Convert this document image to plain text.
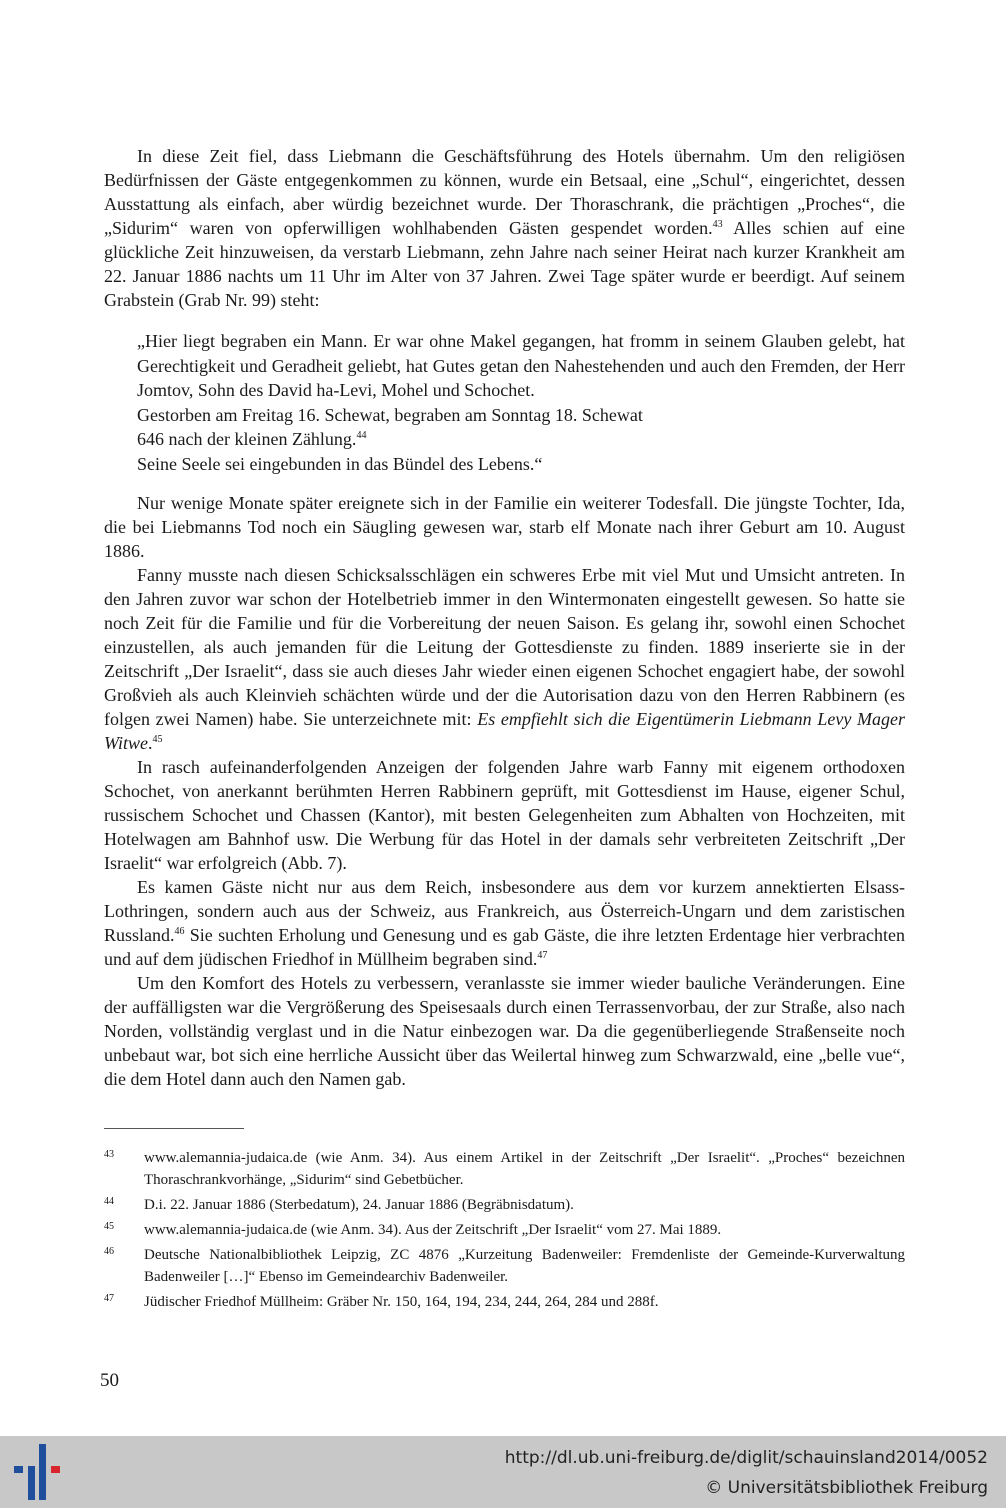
In diese Zeit fiel, dass Liebmann die Geschäftsführung des Hotels übernahm. Um den religiösen Bedürfnissen der Gäste entgegenkommen zu können, wurde ein Betsaal, eine „Schul“, eingerichtet, dessen Ausstattung als einfach, aber würdig bezeichnet wurde. Der Thoraschrank, die prächtigen „Proches“, die „Sidurim“ waren von opferwilligen wohlhabenden Gästen gespendet worden.$^{43}$ Alles schien auf eine glückliche Zeit hinzuweisen, da verstarb Liebmann, zehn Jahre nach seiner Heirat nach kurzer Krankheit am 22. Januar 1886 nachts um 11 Uhr im Alter von 37 Jahren. Zwei Tage später wurde er beerdigt. Auf seinem Grabstein (Grab Nr. 99) steht:

„Hier liegt begraben ein Mann. Er war ohne Makel gegangen, hat fromm in seinem Glauben gelebt, hat Gerechtigkeit und Geradheit geliebt, hat Gutes getan den Nahestehenden und auch den Fremden, der Herr Jomtov, Sohn des David ha-Levi, Mohel und Schochet.
Gestorben am Freitag 16. Schewat, begraben am Sonntag 18. Schewat
646 nach der kleinen Zählung.$^{44}$
Seine Seele sei eingebunden in das Bündel des Lebens.“

Nur wenige Monate später ereignete sich in der Familie ein weiterer Todesfall. Die jüngste Tochter, Ida, die bei Liebmanns Tod noch ein Säugling gewesen war, starb elf Monate nach ihrer Geburt am 10. August 1886.

Fanny musste nach diesen Schicksalsschlägen ein schweres Erbe mit viel Mut und Umsicht antreten. In den Jahren zuvor war schon der Hotelbetrieb immer in den Wintermonaten eingestellt gewesen. So hatte sie noch Zeit für die Familie und für die Vorbereitung der neuen Saison. Es gelang ihr, sowohl einen Schochet einzustellen, als auch jemanden für die Leitung der Gottesdienste zu finden. 1889 inserierte sie in der Zeitschrift „Der Israelit“, dass sie auch dieses Jahr wieder einen eigenen Schochet engagiert habe, der sowohl Großvieh als auch Kleinvieh schächten würde und der die Autorisation dazu von den Herren Rabbinern (es folgen zwei Namen) habe. Sie unterzeichnete mit: Es empfiehlt sich die Eigentümerin Liebmann Levy Mager Witwe.$^{45}$

In rasch aufeinanderfolgenden Anzeigen der folgenden Jahre warb Fanny mit eigenem orthodoxen Schochet, von anerkannt berühmten Herren Rabbinern geprüft, mit Gottesdienst im Hause, eigener Schul, russischem Schochet und Chassen (Kantor), mit besten Gelegenheiten zum Abhalten von Hochzeiten, mit Hotelwagen am Bahnhof usw. Die Werbung für das Hotel in der damals sehr verbreiteten Zeitschrift „Der Israelit“ war erfolgreich (Abb. 7).

Es kamen Gäste nicht nur aus dem Reich, insbesondere aus dem vor kurzem annektierten Elsass-Lothringen, sondern auch aus der Schweiz, aus Frankreich, aus Österreich-Ungarn und dem zaristischen Russland.$^{46}$ Sie suchten Erholung und Genesung und es gab Gäste, die ihre letzten Erdentage hier verbrachten und auf dem jüdischen Friedhof in Müllheim begraben sind.$^{47}$

Um den Komfort des Hotels zu verbessern, veranlasste sie immer wieder bauliche Veränderungen. Eine der auffälligsten war die Vergrößerung des Speisesaals durch einen Terrassenvorbau, der zur Straße, also nach Norden, vollständig verglast und in die Natur einbezogen war. Da die gegenüberliegende Straßenseite noch unbebaut war, bot sich eine herrliche Aussicht über das Weilertal hinweg zum Schwarzwald, eine „belle vue“, die dem Hotel dann auch den Namen gab.

43	www.alemannia-judaica.de (wie Anm. 34). Aus einem Artikel in der Zeitschrift „Der Israelit“. „Proches“ bezeichnen Thoraschrankvorhänge, „Sidurim“ sind Gebetbücher.
44	D.i. 22. Januar 1886 (Sterbedatum), 24. Januar 1886 (Begräbnisdatum).
45	www.alemannia-judaica.de (wie Anm. 34). Aus der Zeitschrift „Der Israelit“ vom 27. Mai 1889.
46	Deutsche Nationalbibliothek Leipzig, ZC 4876 „Kurzeitung Badenweiler: Fremdenliste der Gemeinde-Kurverwaltung Badenweiler […]“ Ebenso im Gemeindearchiv Badenweiler.
47	Jüdischer Friedhof Müllheim: Gräber Nr. 150, 164, 194, 234, 244, 264, 284 und 288f.
50
http://dl.ub.uni-freiburg.de/diglit/schauinsland2014/0052
© Universitätsbibliothek Freiburg
